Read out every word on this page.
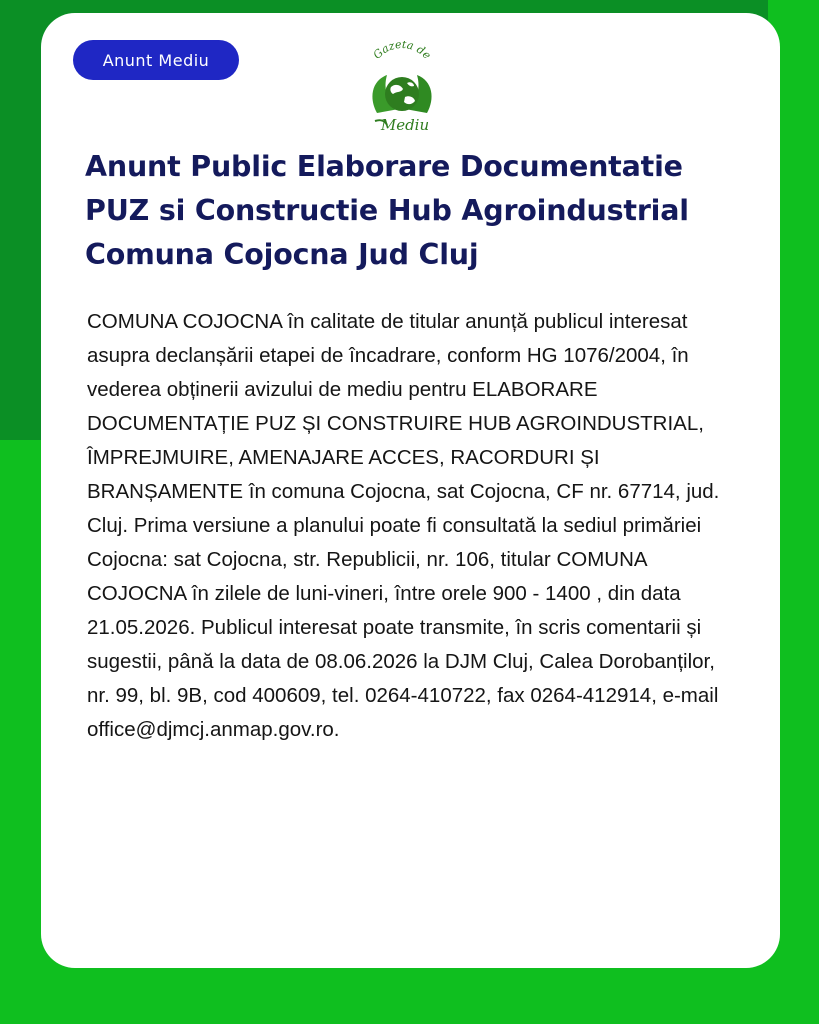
Anunt Mediu	Gazeta de
Mediu
Anunt Public Elaborare Documentatie PUZ si Constructie Hub Agroindustrial Comuna Cojocna Jud Cluj

COMUNA COJOCNA în calitate de titular anunță publicul interesat asupra declanșării etapei de încadrare, conform HG 1076/2004, în vederea obținerii avizului de mediu pentru ELABORARE DOCUMENTAȚIE PUZ ȘI CONSTRUIRE HUB AGROINDUSTRIAL, ÎMPREJMUIRE, AMENAJARE ACCES, RACORDURI ȘI BRANȘAMENTE în comuna Cojocna, sat Cojocna, CF nr. 67714, jud. Cluj. Prima versiune a planului poate fi consultată la sediul primăriei Cojocna: sat Cojocna, str. Republicii, nr. 106, titular COMUNA COJOCNA în zilele de luni-vineri, între orele 900 - 1400 , din data 21.05.2026. Publicul interesat poate transmite, în scris comentarii și sugestii, până la data de 08.06.2026 la DJM Cluj, Calea Dorobanților, nr. 99, bl. 9B, cod 400609, tel. 0264-410722, fax 0264-412914, e-mail office@djmcj.anmap.gov.ro.
